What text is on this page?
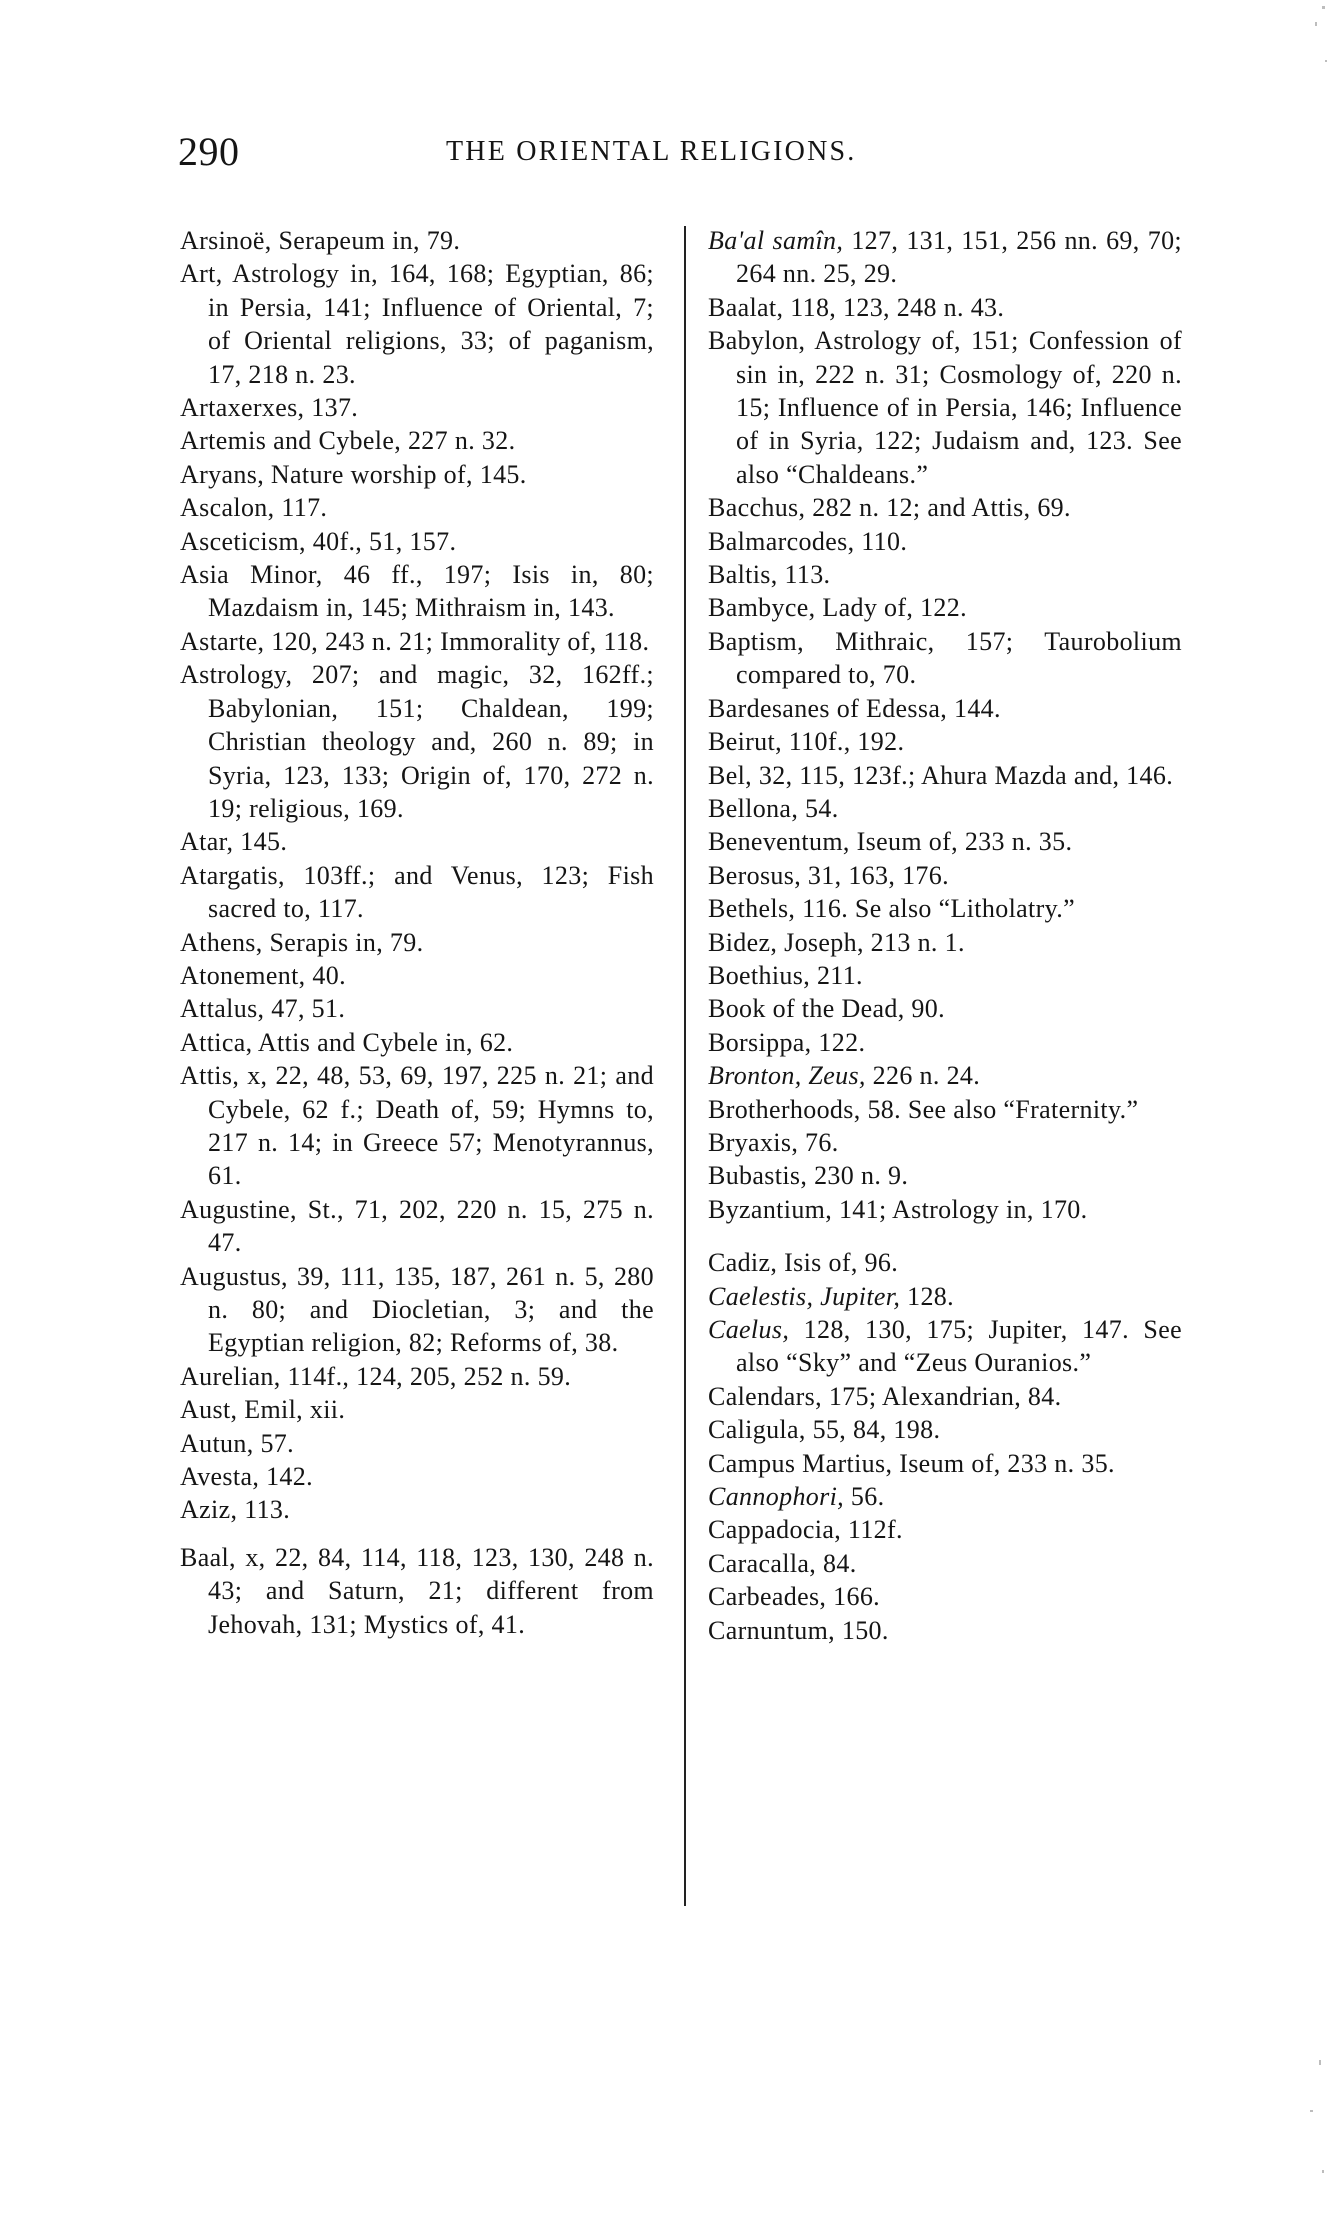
290	THE ORIENTAL RELIGIONS.

Arsinoë, Serapeum in, 79.

Art, Astrology in, 164, 168; Egyptian, 86; in Persia, 141; Influence of Oriental, 7; of Oriental religions, 33; of paganism, 17, 218 n. 23.

Artaxerxes, 137.

Artemis and Cybele, 227 n. 32.

Aryans, Nature worship of, 145.

Ascalon, 117.

Asceticism, 40f., 51, 157.

Asia Minor, 46 ff., 197; Isis in, 80; Mazdaism in, 145; Mithraism in, 143.

Astarte, 120, 243 n. 21; Immorality of, 118.

Astrology, 207; and magic, 32, 162ff.; Babylonian, 151; Chaldean, 199; Christian theology and, 260 n. 89; in Syria, 123, 133; Origin of, 170, 272 n. 19; religious, 169.

Atar, 145.

Atargatis, 103ff.; and Venus, 123; Fish sacred to, 117.

Athens, Serapis in, 79.

Atonement, 40.

Attalus, 47, 51.

Attica, Attis and Cybele in, 62.

Attis, x, 22, 48, 53, 69, 197, 225 n. 21; and Cybele, 62 f.; Death of, 59; Hymns to, 217 n. 14; in Greece 57; Menotyrannus, 61.

Augustine, St., 71, 202, 220 n. 15, 275 n. 47.

Augustus, 39, 111, 135, 187, 261 n. 5, 280 n. 80; and Diocletian, 3; and the Egyptian religion, 82; Reforms of, 38.

Aurelian, 114f., 124, 205, 252 n. 59.

Aust, Emil, xii.

Autun, 57.

Avesta, 142.

Aziz, 113.

Baal, x, 22, 84, 114, 118, 123, 130, 248 n. 43; and Saturn, 21; different from Jehovah, 131; Mystics of, 41.

Ba'al samîn, 127, 131, 151, 256 nn. 69, 70; 264 nn. 25, 29.

Baalat, 118, 123, 248 n. 43.

Babylon, Astrology of, 151; Confession of sin in, 222 n. 31; Cosmology of, 220 n. 15; Influence of in Persia, 146; Influence of in Syria, 122; Judaism and, 123. See also “Chaldeans.”

Bacchus, 282 n. 12; and Attis, 69.

Balmarcodes, 110.

Baltis, 113.

Bambyce, Lady of, 122.

Baptism, Mithraic, 157; Taurobolium compared to, 70.

Bardesanes of Edessa, 144.

Beirut, 110f., 192.

Bel, 32, 115, 123f.; Ahura Mazda and, 146.

Bellona, 54.

Beneventum, Iseum of, 233 n. 35.

Berosus, 31, 163, 176.

Bethels, 116. Se also “Litholatry.”

Bidez, Joseph, 213 n. 1.

Boethius, 211.

Book of the Dead, 90.

Borsippa, 122.

Bronton, Zeus, 226 n. 24.

Brotherhoods, 58. See also “Fraternity.”

Bryaxis, 76.

Bubastis, 230 n. 9.

Byzantium, 141; Astrology in, 170.

Cadiz, Isis of, 96.

Caelestis, Jupiter, 128.

Caelus, 128, 130, 175; Jupiter, 147. See also “Sky” and “Zeus Ouranios.”

Calendars, 175; Alexandrian, 84.

Caligula, 55, 84, 198.

Campus Martius, Iseum of, 233 n. 35.

Cannophori, 56.

Cappadocia, 112f.

Caracalla, 84.

Carbeades, 166.

Carnuntum, 150.
